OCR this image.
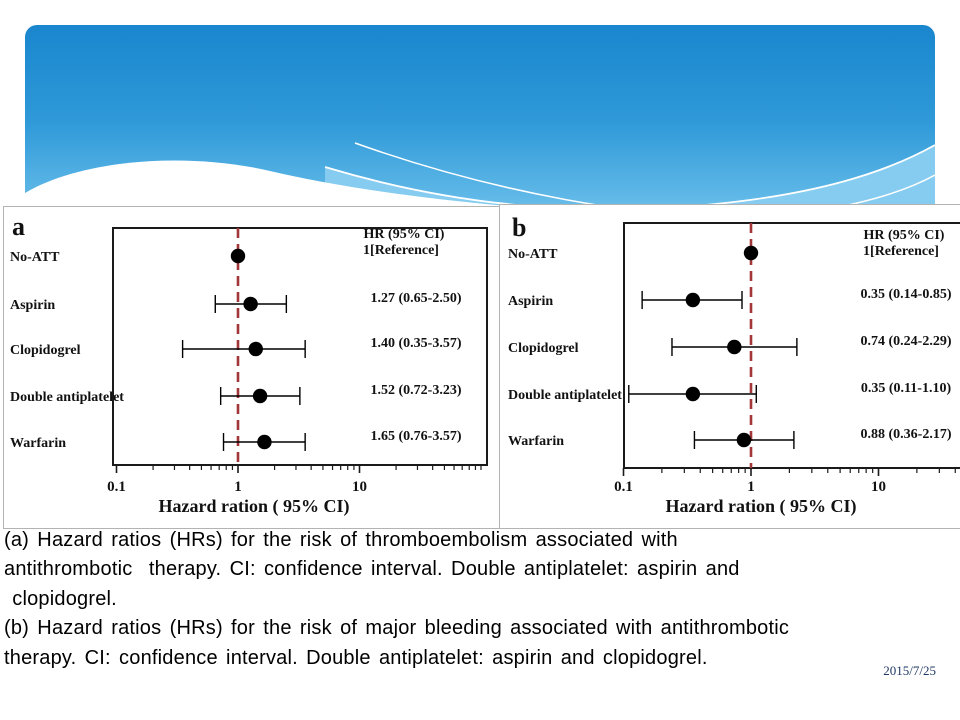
0.1	1	10
Hazard ration ( 95% CI)
HR (95% CI)
a
No-ATT	1[Reference]
Aspirin	1.27 (0.65-2.50)
Clopidogrel	1.40 (0.35-3.57)
Double antiplatelet	1.52 (0.72-3.23)
Warfarin	1.65 (0.76-3.57)
0.1	1	10
Hazard ration ( 95% CI)
HR (95% CI)
b
No-ATT	1[Reference]
Aspirin	0.35 (0.14-0.85)
Clopidogrel	0.74 (0.24-2.29)
Double antiplatelet	0.35 (0.11-1.10)
Warfarin	0.88 (0.36-2.17)
(a) Hazard ratios (HRs) for the risk of thromboembolism associated with
antithrombotic  therapy. CI: confidence interval. Double antiplatelet: aspirin and
clopidogrel.
(b) Hazard ratios (HRs) for the risk of major bleeding associated with antithrombotic
therapy. CI: confidence interval. Double antiplatelet: aspirin and clopidogrel.
2015/7/25
